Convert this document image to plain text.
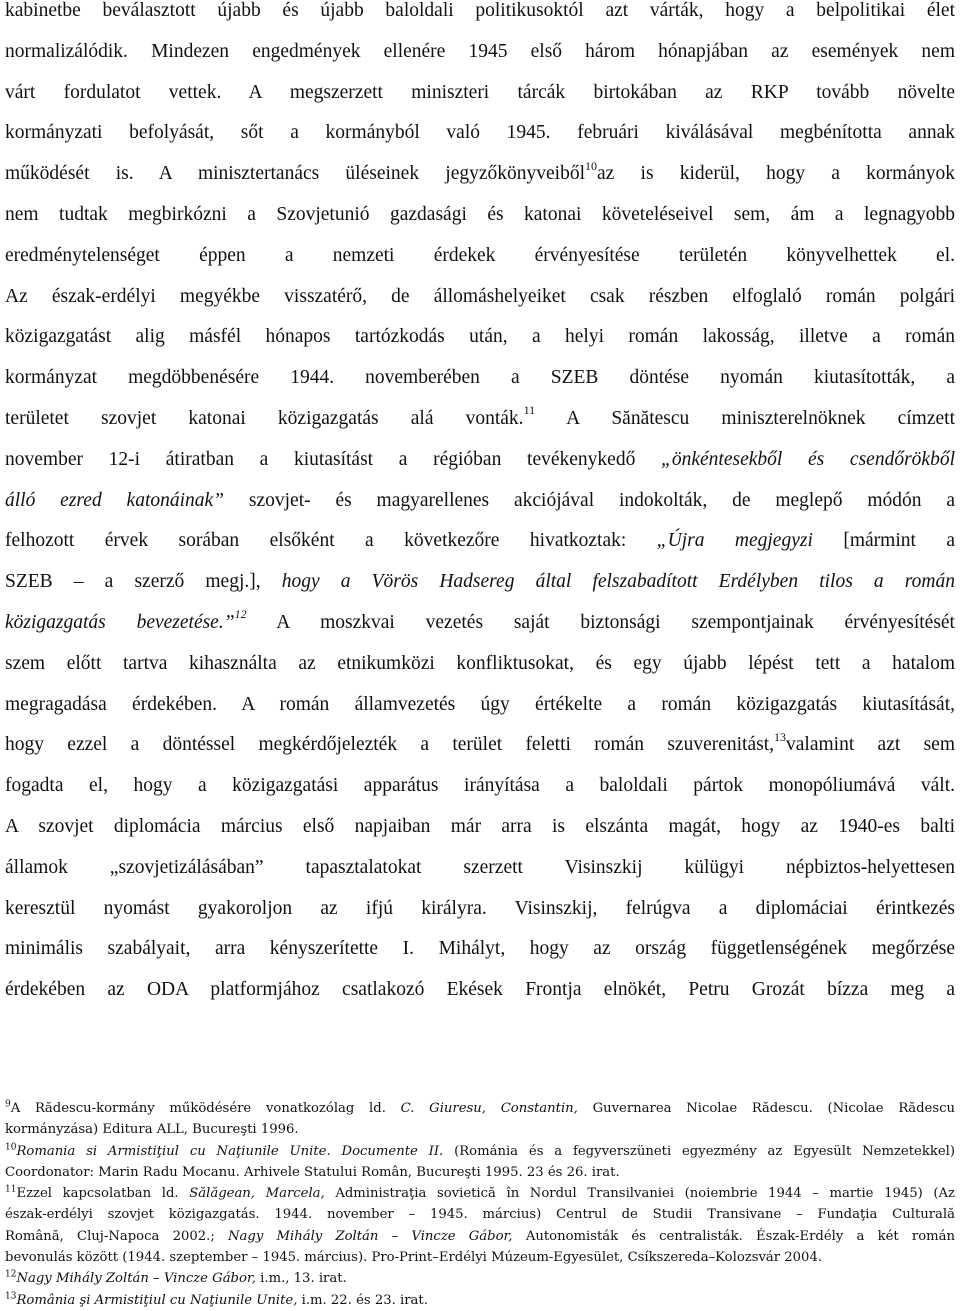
kabinetbe beválasztott újabb és újabb baloldali politikusoktól azt várták, hogy a belpolitikai élet
normalizálódik. Mindezen engedmények ellenére 1945 első három hónapjában az események nem
várt fordulatot vettek. A megszerzett miniszteri tárcák birtokában az RKP tovább növelte
kormányzati befolyását, sőt a kormányból való 1945. februári kiválásával megbénította annak
működését is. A minisztertanács üléseinek jegyzőkönyveiből$^{10}$az is kiderül, hogy a kormányok
nem tudtak megbirkózni a Szovjetunió gazdasági és katonai követeléseivel sem, ám a legnagyobb
eredménytelenséget éppen a nemzeti érdekek érvényesítése területén könyvelhettek el.
Az észak-erdélyi megyékbe visszatérő, de állomáshelyeiket csak részben elfoglaló román polgári
közigazgatást alig másfél hónapos tartózkodás után, a helyi román lakosság, illetve a román
kormányzat megdöbbenésére 1944. novemberében a SZEB döntése nyomán kiutasították, a
területet szovjet katonai közigazgatás alá vonták.$^{11}$ A Sănătescu miniszterelnöknek címzett
november 12-i átiratban a kiutasítást a régióban tevékenykedő „önkéntesekből és csendőrökből
álló ezred katonáinak” szovjet- és magyarellenes akciójával indokolták, de meglepő módón a
felhozott érvek sorában elsőként a következőre hivatkoztak: „Újra megjegyzi [mármint a
SZEB – a szerző megj.], hogy a Vörös Hadsereg által felszabadított Erdélyben tilos a román
közigazgatás bevezetése.”$^{12}$ A moszkvai vezetés saját biztonsági szempontjainak érvényesítését
szem előtt tartva kihasználta az etnikumközi konfliktusokat, és egy újabb lépést tett a hatalom
megragadása érdekében. A román államvezetés úgy értékelte a román közigazgatás kiutasítását,
hogy ezzel a döntéssel megkérdőjelezték a terület feletti román szuverenitást,$^{13}$valamint azt sem
fogadta el, hogy a közigazgatási apparátus irányítása a baloldali pártok monopóliumává vált.
A szovjet diplomácia március első napjaiban már arra is elszánta magát, hogy az 1940-es balti
államok „szovjetizálásában” tapasztalatokat szerzett Visinszkij külügyi népbiztos-helyettesen
keresztül nyomást gyakoroljon az ifjú királyra. Visinszkij, felrúgva a diplomáciai érintkezés
minimális szabályait, arra kényszerítette I. Mihályt, hogy az ország függetlenségének megőrzése
érdekében az ODA platformjához csatlakozó Ekések Frontja elnökét, Petru Grozát bízza meg a
$^9$A Rădescu-kormány működésére vonatkozólag ld. C. Giuresu, Constantin, Guvernarea Nicolae Rădescu. (Nicolae Rădescu
kormányzása) Editura ALL, Bucureşti 1996.
$^{10}$Romania si Armistiţiul cu Naţiunile Unite. Documente II. (Románia és a fegyverszüneti egyezmény az Egyesült Nemzetekkel)
Coordonator: Marin Radu Mocanu. Arhivele Statului Român, Bucureşti 1995. 23 és 26. irat.
$^{11}$Ezzel kapcsolatban ld. Sălăgean, Marcela, Administraţia sovietică în Nordul Transilvaniei (noiembrie 1944 – martie 1945) (Az
észak-erdélyi szovjet közigazgatás. 1944. november – 1945. március) Centrul de Studii Transivane – Fundaţia Culturală
Română, Cluj-Napoca 2002.; Nagy Mihály Zoltán – Vincze Gábor, Autonomisták és centralisták. Észak-Erdély a két román
bevonulás között (1944. szeptember – 1945. március). Pro-Print–Erdélyi Múzeum-Egyesület, Csíkszereda–Kolozsvár 2004.
$^{12}$Nagy Mihály Zoltán – Vincze Gábor, i.m., 13. irat.
$^{13}$România şi Armistiţiul cu Naţiunile Unite, i.m. 22. és 23. irat.
